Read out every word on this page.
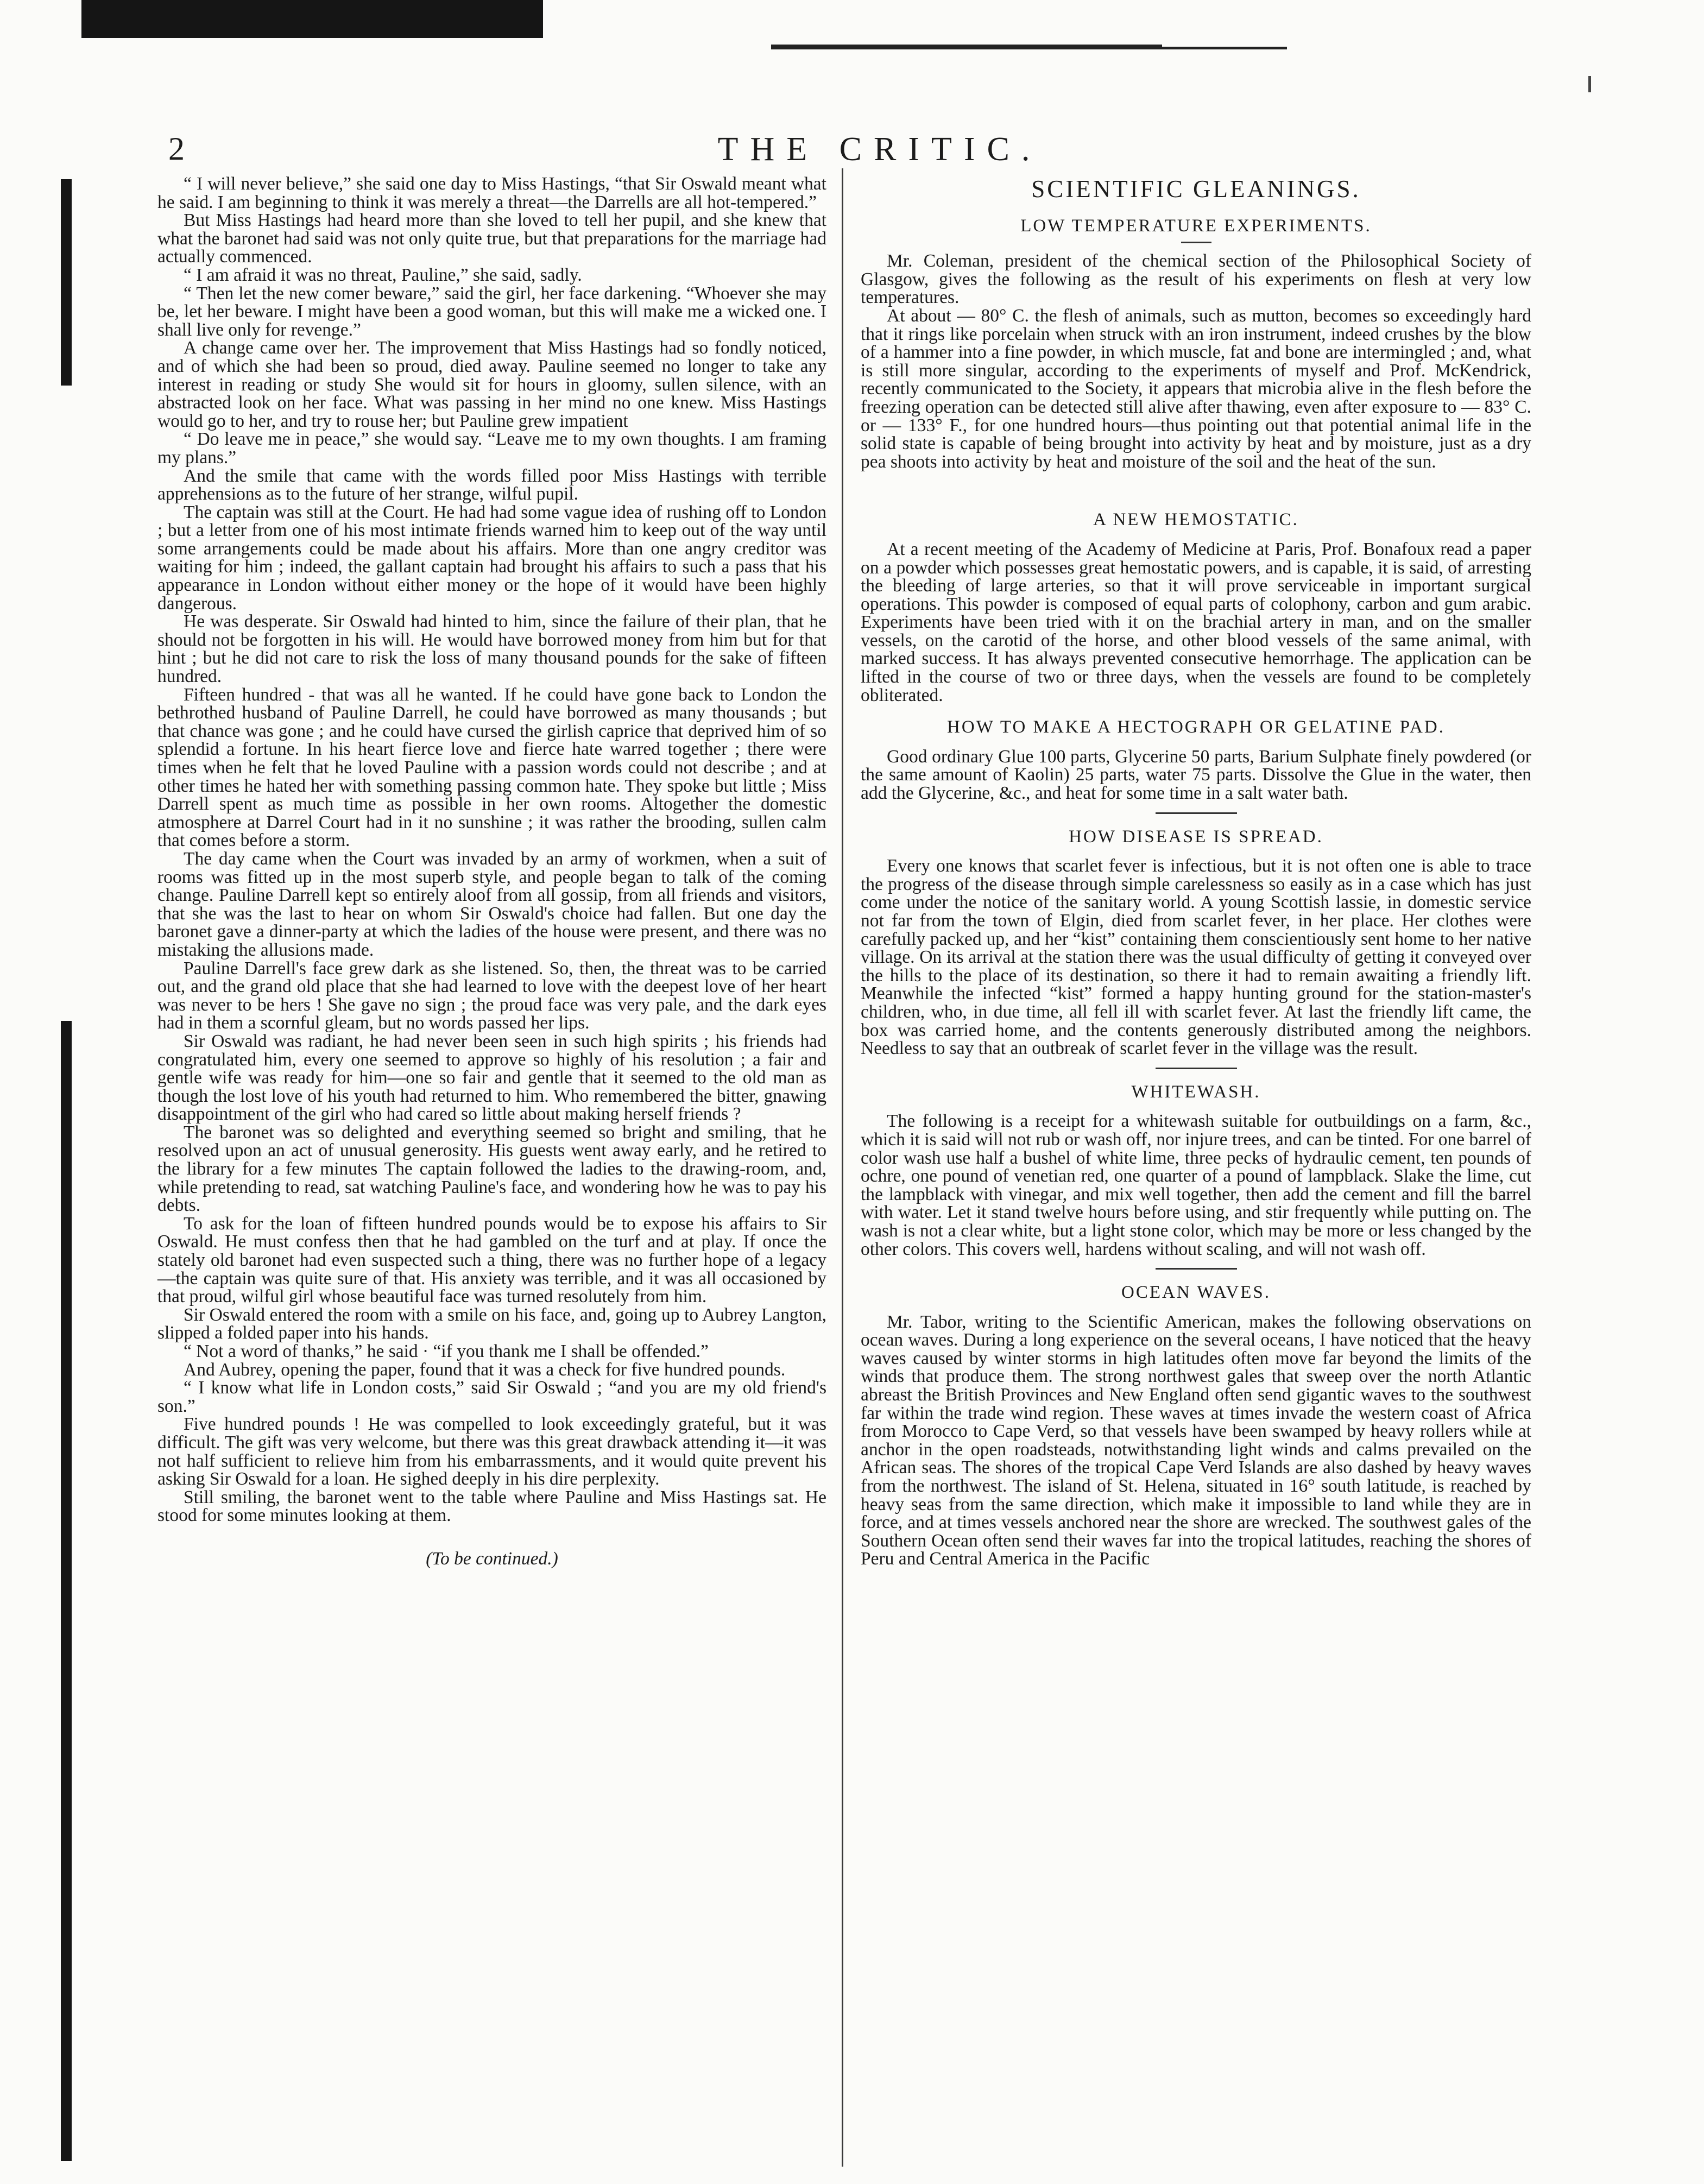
2	THE CRITIC.

“ I will never believe,” she said one day to Miss Hastings, “that Sir Oswald meant what he said. I am beginning to think it was merely a threat—the Darrells are all hot-tempered.”

But Miss Hastings had heard more than she loved to tell her pupil, and she knew that what the baronet had said was not only quite true, but that preparations for the marriage had actually commenced.

“ I am afraid it was no threat, Pauline,” she said, sadly.

“ Then let the new comer beware,” said the girl, her face darkening. “Whoever she may be, let her beware. I might have been a good woman, but this will make me a wicked one. I shall live only for revenge.”

A change came over her. The improvement that Miss Hastings had so fondly noticed, and of which she had been so proud, died away. Pauline seemed no longer to take any interest in reading or study She would sit for hours in gloomy, sullen silence, with an abstracted look on her face. What was passing in her mind no one knew. Miss Hastings would go to her, and try to rouse her; but Pauline grew impatient

“ Do leave me in peace,” she would say. “Leave me to my own thoughts. I am framing my plans.”

And the smile that came with the words filled poor Miss Hastings with terrible apprehensions as to the future of her strange, wilful pupil.

The captain was still at the Court. He had had some vague idea of rushing off to London ; but a letter from one of his most intimate friends warned him to keep out of the way until some arrangements could be made about his affairs. More than one angry creditor was waiting for him ; indeed, the gallant captain had brought his affairs to such a pass that his appearance in London without either money or the hope of it would have been highly dangerous.

He was desperate. Sir Oswald had hinted to him, since the failure of their plan, that he should not be forgotten in his will. He would have borrowed money from him but for that hint ; but he did not care to risk the loss of many thousand pounds for the sake of fifteen hundred.

Fifteen hundred - that was all he wanted. If he could have gone back to London the bethrothed husband of Pauline Darrell, he could have borrowed as many thousands ; but that chance was gone ; and he could have cursed the girlish caprice that deprived him of so splendid a fortune. In his heart fierce love and fierce hate warred together ; there were times when he felt that he loved Pauline with a passion words could not describe ; and at other times he hated her with something passing common hate. They spoke but little ; Miss Darrell spent as much time as possible in her own rooms. Altogether the domestic atmosphere at Darrel Court had in it no sunshine ; it was rather the brooding, sullen calm that comes before a storm.

The day came when the Court was invaded by an army of workmen, when a suit of rooms was fitted up in the most superb style, and people began to talk of the coming change. Pauline Darrell kept so entirely aloof from all gossip, from all friends and visitors, that she was the last to hear on whom Sir Oswald's choice had fallen. But one day the baronet gave a dinner-party at which the ladies of the house were present, and there was no mistaking the allusions made.

Pauline Darrell's face grew dark as she listened. So, then, the threat was to be carried out, and the grand old place that she had learned to love with the deepest love of her heart was never to be hers ! She gave no sign ; the proud face was very pale, and the dark eyes had in them a scornful gleam, but no words passed her lips.

Sir Oswald was radiant, he had never been seen in such high spirits ; his friends had congratulated him, every one seemed to approve so highly of his resolution ; a fair and gentle wife was ready for him—one so fair and gentle that it seemed to the old man as though the lost love of his youth had returned to him. Who remembered the bitter, gnawing disappointment of the girl who had cared so little about making herself friends ?

The baronet was so delighted and everything seemed so bright and smiling, that he resolved upon an act of unusual generosity. His guests went away early, and he retired to the library for a few minutes The captain followed the ladies to the drawing-room, and, while pretending to read, sat watching Pauline's face, and wondering how he was to pay his debts.

To ask for the loan of fifteen hundred pounds would be to expose his affairs to Sir Oswald. He must confess then that he had gambled on the turf and at play. If once the stately old baronet had even suspected such a thing, there was no further hope of a legacy—the captain was quite sure of that. His anxiety was terrible, and it was all occasioned by that proud, wilful girl whose beautiful face was turned resolutely from him.

Sir Oswald entered the room with a smile on his face, and, going up to Aubrey Langton, slipped a folded paper into his hands.

“ Not a word of thanks,” he said · “if you thank me I shall be offended.”

And Aubrey, opening the paper, found that it was a check for five hundred pounds.

“ I know what life in London costs,” said Sir Oswald ; “and you are my old friend's son.”

Five hundred pounds ! He was compelled to look exceedingly grateful, but it was difficult. The gift was very welcome, but there was this great drawback attending it—it was not half sufficient to relieve him from his embarrassments, and it would quite prevent his asking Sir Oswald for a loan. He sighed deeply in his dire perplexity.

Still smiling, the baronet went to the table where Pauline and Miss Hastings sat. He stood for some minutes looking at them.

(To be continued.)

SCIENTIFIC GLEANINGS.
LOW TEMPERATURE EXPERIMENTS.

Mr. Coleman, president of the chemical section of the Philosophical Society of Glasgow, gives the following as the result of his experiments on flesh at very low temperatures.

At about — 80° C. the flesh of animals, such as mutton, becomes so exceedingly hard that it rings like porcelain when struck with an iron instrument, indeed crushes by the blow of a hammer into a fine powder, in which muscle, fat and bone are intermingled ; and, what is still more singular, according to the experiments of myself and Prof. McKendrick, recently communicated to the Society, it appears that microbia alive in the flesh before the freezing operation can be detected still alive after thawing, even after exposure to — 83° C. or — 133° F., for one hundred hours—thus pointing out that potential animal life in the solid state is capable of being brought into activity by heat and by moisture, just as a dry pea shoots into activity by heat and moisture of the soil and the heat of the sun.

A NEW HEMOSTATIC.

At a recent meeting of the Academy of Medicine at Paris, Prof. Bonafoux read a paper on a powder which possesses great hemostatic powers, and is capable, it is said, of arresting the bleeding of large arteries, so that it will prove serviceable in important surgical operations. This powder is composed of equal parts of colophony, carbon and gum arabic. Experiments have been tried with it on the brachial artery in man, and on the smaller vessels, on the carotid of the horse, and other blood vessels of the same animal, with marked success. It has always prevented consecutive hemorrhage. The application can be lifted in the course of two or three days, when the vessels are found to be completely obliterated.

HOW TO MAKE A HECTOGRAPH OR GELATINE PAD.

Good ordinary Glue 100 parts, Glycerine 50 parts, Barium Sulphate finely powdered (or the same amount of Kaolin) 25 parts, water 75 parts. Dissolve the Glue in the water, then add the Glycerine, &c., and heat for some time in a salt water bath.

HOW DISEASE IS SPREAD.

Every one knows that scarlet fever is infectious, but it is not often one is able to trace the progress of the disease through simple carelessness so easily as in a case which has just come under the notice of the sanitary world. A young Scottish lassie, in domestic service not far from the town of Elgin, died from scarlet fever, in her place. Her clothes were carefully packed up, and her “kist” containing them conscientiously sent home to her native village. On its arrival at the station there was the usual difficulty of getting it conveyed over the hills to the place of its destination, so there it had to remain awaiting a friendly lift. Meanwhile the infected “kist” formed a happy hunting ground for the station-master's children, who, in due time, all fell ill with scarlet fever. At last the friendly lift came, the box was carried home, and the contents generously distributed among the neighbors. Needless to say that an outbreak of scarlet fever in the village was the result.

WHITEWASH.

The following is a receipt for a whitewash suitable for outbuildings on a farm, &c., which it is said will not rub or wash off, nor injure trees, and can be tinted. For one barrel of color wash use half a bushel of white lime, three pecks of hydraulic cement, ten pounds of ochre, one pound of venetian red, one quarter of a pound of lampblack. Slake the lime, cut the lampblack with vinegar, and mix well together, then add the cement and fill the barrel with water. Let it stand twelve hours before using, and stir frequently while putting on. The wash is not a clear white, but a light stone color, which may be more or less changed by the other colors. This covers well, hardens without scaling, and will not wash off.

OCEAN WAVES.

Mr. Tabor, writing to the Scientific American, makes the following observations on ocean waves. During a long experience on the several oceans, I have noticed that the heavy waves caused by winter storms in high latitudes often move far beyond the limits of the winds that produce them. The strong northwest gales that sweep over the north Atlantic abreast the British Provinces and New England often send gigantic waves to the southwest far within the trade wind region. These waves at times invade the western coast of Africa from Morocco to Cape Verd, so that vessels have been swamped by heavy rollers while at anchor in the open roadsteads, notwithstanding light winds and calms prevailed on the African seas. The shores of the tropical Cape Verd Islands are also dashed by heavy waves from the northwest. The island of St. Helena, situated in 16° south latitude, is reached by heavy seas from the same direction, which make it impossible to land while they are in force, and at times vessels anchored near the shore are wrecked. The southwest gales of the Southern Ocean often send their waves far into the tropical latitudes, reaching the shores of Peru and Central America in the Pacific
